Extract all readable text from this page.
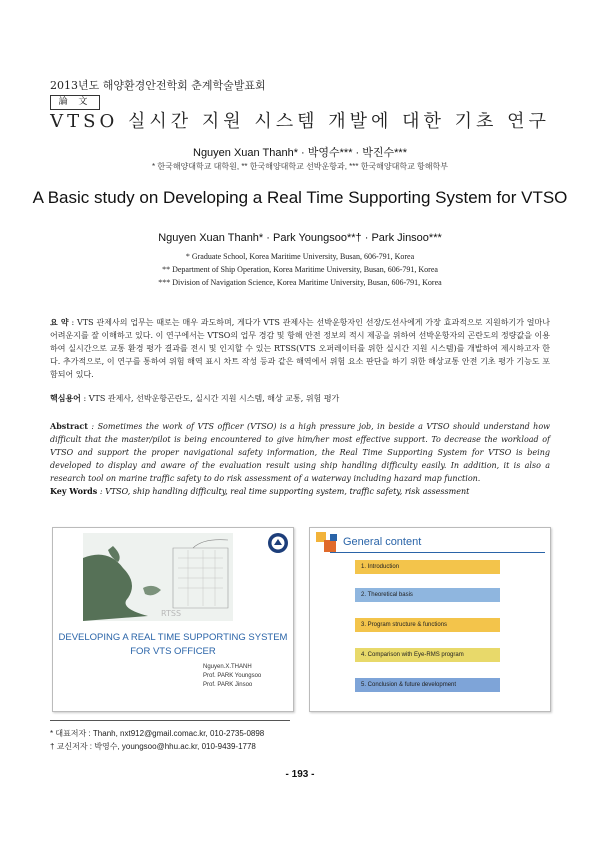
2013년도 해양환경안전학회 춘계학술발표회
論 文
VTSO 실시간 지원 시스템 개발에 대한 기초 연구
Nguyen Xuan Thanh* · 박영수*** · 박진수***
* 한국해양대학교 대학원, ** 한국해양대학교 선박운항과, *** 한국해양대학교 항해학부
A Basic study on Developing a Real Time Supporting System for VTSO
Nguyen Xuan Thanh* · Park Youngsoo**† · Park Jinsoo***
* Graduate School, Korea Maritime University, Busan, 606-791, Korea
** Department of Ship Operation, Korea Maritime University, Busan, 606-791, Korea
*** Division of Navigation Science, Korea Maritime University, Busan, 606-791, Korea
요 약 : VTS 관제사의 업무는 때로는 매우 과도하며, 게다가 VTS 관제사는 선박운항자인 선장/도선사에게 가장 효과적으로 지원하기가 얼마나 어려운지를 잘 이해하고 있다. 이 연구에서는 VTSO의 업무 경감 및 항해 안전 정보의 적시 제공을 위하여 선박운항자의 곤란도의 정량값을 이용하여 실시간으로 교통 환경 평가 결과를 전시 및 인지할 수 있는 RTSS(VTS 오퍼레이터를 위한 실시간 지원 시스템)를 개발하여 제시하고자 한다. 추가적으로, 이 연구를 통하여 위험 해역 표시 차트 작성 등과 같은 해역에서 위험 요소 판단을 하기 위한 해상교통 안전 기초 평가 기능도 포함되어 있다.
핵심용어 : VTS 관제사, 선박운항곤란도, 실시간 지원 시스템, 해상 교통, 위험 평가
Abstract : Sometimes the work of VTS officer (VTSO) is a high pressure job, in beside a VTSO should understand how difficult that the master/pilot is being encountered to give him/her most effective support. To decrease the workload of VTSO and support the proper navigational safety information, the Real Time Supporting System for VTSO is being developed to display and aware of the evaluation result using ship handling difficulty easily. In addition, it is also a research tool on marine traffic safety to do risk assessment of a waterway including hazard map function.
Key Words : VTSO, ship handling difficulty, real time supporting system, traffic safety, risk assessment
RTSS
DEVELOPING A REAL TIME SUPPORTING SYSTEM
FOR VTS OFFICER
Nguyen.X.THANH
Prof. PARK Youngsoo
Prof. PARK Jinsoo
General content
1. Introduction
2. Theoretical basis
3. Program structure & functions
4. Comparison with Eye-RMS program
5. Conclusion & future development
* 대표저자 : Thanh, nxt912@gmail.comac.kr, 010-2735-0898
† 교신저자 : 박영수, youngsoo@hhu.ac.kr, 010-9439-1778
- 193 -
